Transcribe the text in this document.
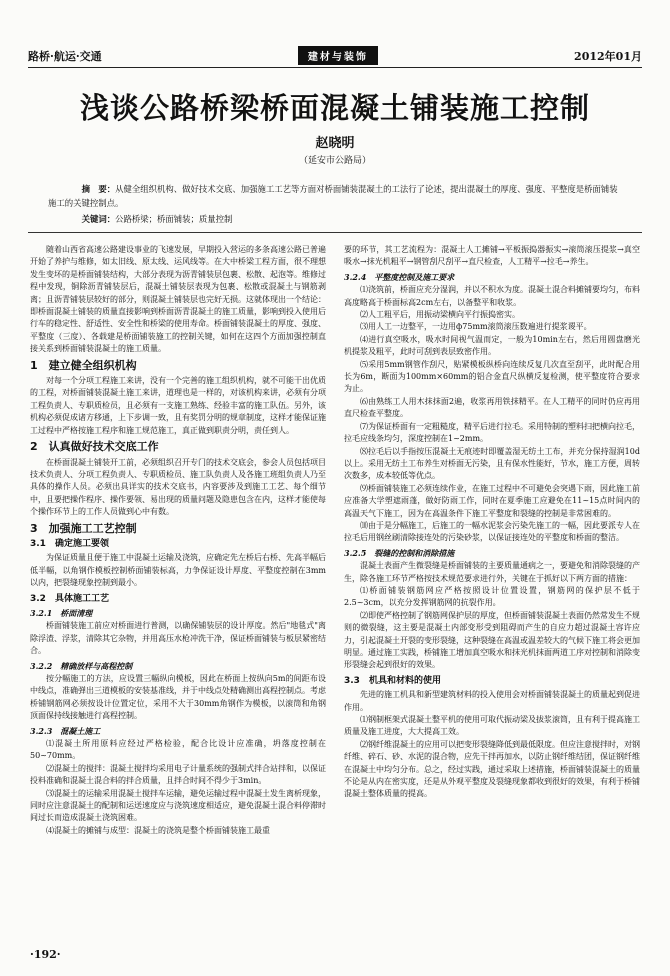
路桥·航运·交通	建材与装饰	2012年01月
浅谈公路桥梁桥面混凝土铺装施工控制
赵晓明
（延安市公路局）
摘　要：从健全组织机构、做好技术交底、加强施工工艺等方面对桥面铺装混凝土的工法行了论述，提出混凝土的厚度、强度、平整度是桥面铺装施工的关键控制点。
关键词：公路桥梁；桥面铺装；质量控制

随着山西省高速公路建设事业的飞速发展，早期投入营运的多条高速公路已普遍开始了养护与维修，如太旧线、原太线、运风线等。在大中桥梁工程方面，很不理想发生变坏的是桥面铺装结构，大部分表现为沥青铺装层包裹、松散、起泡等。维修过程中发现，铜除沥青铺装层后，混凝土铺装层表现为包裹、松散或混凝土与钢筋剥离；且沥青铺装层较好的部分，则混凝土铺装层也完好无损。这就体现出一个结论：即桥面混凝土铺装的质量直接影响到桥面沥青混凝土的施工质量，影响到投入使用后行车的稳定性、舒适性、安全性和桥梁的使用寿命。桥面铺装混凝土的厚度、强度、平整度（三度）、各载建是桥面铺装施工的控制关键，如何在这四个方面加强控制直接关系到桥面铺装混凝土的施工质量。

1　建立健全组织机构

对每一个分项工程施工来讲，没有一个完善的施工组织机构，就不可能干出优质的工程，对桥面铺装混凝土施工来讲，道理也是一样的，对该机构来讲，必须有分项工程负责人、专职质检员，且必须有一支施工熟练、经验丰富的施工队伍。另外，该机构必须促成诸方移通，上下步调一致，且有奖罚分明的规章制度，这样才能保证施工过程中严格按施工程序和施工规范施工，真正做到职责分明，责任到人。

2　认真做好技术交底工作

在桥面混凝土铺装开工前，必须组织召开专门的技术交底会，参会人员包括项目技术负责人、分项工程负责人、专职质检员、施工队负责人及各施工班组负责人乃至具体的操作人员。必须出具详实的技术交底书，内容要涉及到施工工艺、每个细节中，且要把操作程序、操作要领、易出现的质量问题及隐患包含在内，这样才能使每个操作环节上的工作人员做到心中有数。

3　加强施工工艺控制
3.1　确定施工要领

为保证质量且便于施工中混凝土运输及浇筑，应确定先左桥后右桥、先高半幅后低半幅，以角钢作模板控制桥面铺装标高，力争保证设计厚度、平整度控制在3mm以内，把裂缝现象控制到最小。

3.2　具体施工工艺
3.2.1　桥面清理

桥面铺装施工前应对桥面进行普测，以确保铺装层的设计厚度。然后"地毯式"离除浮渣、浮浆，清除其它杂物，并用高压水枪冲洗干净，保证桥面铺装与板层紧密结合。

3.2.2　精确放样与高程控制

按分幅施工的方法，应设置三幅纵向模板，因此在桥面上按纵向5m的间距布设中线点，准确弹出三道模板的安装基准线，并于中线点处精确测出高程控制点。考虑桥铺钢筋网必须按设计位置定位，采用不大于30mm角钢作为模板，以滚筒和角钢顶面保持线接触进行高程控制。

3.2.3　混凝土施工

⑴混凝土所用原料应经过严格检验，配合比设计应准确，坍落度控制在50~70mm。

⑵混凝土的搅拌：混凝土搅拌均采用电子计量系统的强制式拌合站拌和，以保证投料准确和混凝土混合料的拌合质量，且拌合时间不得少于3min。

⑶混凝土的运输采用混凝土搅拌车运输，避免运输过程中混凝土发生离析现象，同时应注意混凝土的配制和运送速度应与浇筑速度相适应，避免混凝土混合料停滞时间过长而造成混凝土浇筑困难。

⑷混凝土的摊铺与成型：混凝土的浇筑是整个桥面铺装施工最重

要的环节，其工艺流程为：混凝土人工摊铺→平板振捣器振实→滚筒滚压提浆→真空吸水→抹光机粗平→钢管刮尺刮平→直尺检查，人工精平→拉毛→养生。

3.2.4　平整度控制及施工要求

⑴浇筑前，桥面应充分湿润，并以不积水为度。混凝土混合料摊铺要均匀，布料高度略高于桥面标高2cm左右，以备整平和收浆。

⑵人工粗平后，用振动梁横向平行振捣密实。

⑶用人工一边整平，一边用ф75mm滚筒滚压数遍进行提浆谡平。

⑷进行真空吸水，吸水时间视气温而定，一般为10min左右，然后用圆盘磨光机提浆及粗平，此时可刮到表层致密作用。

⑸采用5mm钢管作刮尺，贴紧模板纵桥向连续反复几次直至刮平，此时配合用长为6m，断面为100mm×60mm的铝合金直尺纵横反复检测，使平整度符合要求为止。

⑹由熟练工人用木抹抹面2遍，收浆再用铁抹精平。在人工精平的同时仍应再用直尺检查平整度。

⑺为保证桥面有一定粗糙度，精平后进行拉毛。采用特制的塑料扫把横向拉毛，拉毛应线条均匀，深度控制在1~2mm。

⑻拉毛后以手指按压混凝土无痕迹时即覆盖湿无纺土工布，并充分保持湿润10d以上。采用无纺土工布养生对桥面无污染，且有保水性能好，节水，施工方便，周转次数多，成本较低等优点。

⑼桥面铺装施工必须连续作业，在施工过程中不可避免会突遇下雨，因此施工前应准备大学塑遮雨蓬，做好防雨工作，同时在夏季施工应避免在11~15点时间内的高温天气下施工，因为在高温条件下施工平整度和裂缝的控制是非常困难的。

⑽由于是分幅施工，后施工的一幅水泥浆会污染先施工的一幅，因此要派专人在拉毛后用钢丝刷清除接连处的污染砂浆，以保证接连处的平整度和桥面的整洁。

3.2.5　裂缝的控制和消除措施

混凝土表面产生微裂缝是桥面铺装的主要质量通病之一，要避免和消除裂缝的产生，除各施工环节严格按技术规范要求进行外，关键在于抓好以下两方面的措施：

⑴桥面铺装钢筋网应严格按照设计位置设置，钢筋网的保护层不低于2.5~3cm，以充分发挥钢筋网的抗裂作用。

⑵即使严格控制了钢筋网保护层的厚度，但桥面铺装混凝土表面仍然常发生不规则的微裂缝，这主要是混凝土内部变形受到阻碍而产生的自应力超过混凝土容许应力，引起混凝土开裂的变形裂缝，这种裂缝在高温或温差较大的气候下施工将会更加明显。通过施工实践，桥铺施工增加真空吸水和抹光机抹面两道工序对控制和消除变形裂缝会起到很好的效果。

3.3　机具和材料的使用

先进的施工机具和新型建筑材料的投入使用会对桥面铺装混凝土的质量起到促进作用。

⑴钢制框架式混凝土整平机的使用可取代振动梁及拔浆滚筒，且有利于提高施工质量及施工进度，大大提高工效。

⑵钢纤维混凝土的应用可以把变形裂缝降低到最低限度。但应注意搅拌时，对钢纤维、碎石、砂、水泥的混合物，应先干拌再加水，以防止钢纤维结团，保证钢纤维在混凝土中均匀分布。总之，经过实践，通过采取上述措施，桥面铺装混凝土的质量不论是从内在密实度，还是从外观平整度及裂缝现象都收到很好的效果，有利于桥铺混凝土整体质量的提高。

·192·
